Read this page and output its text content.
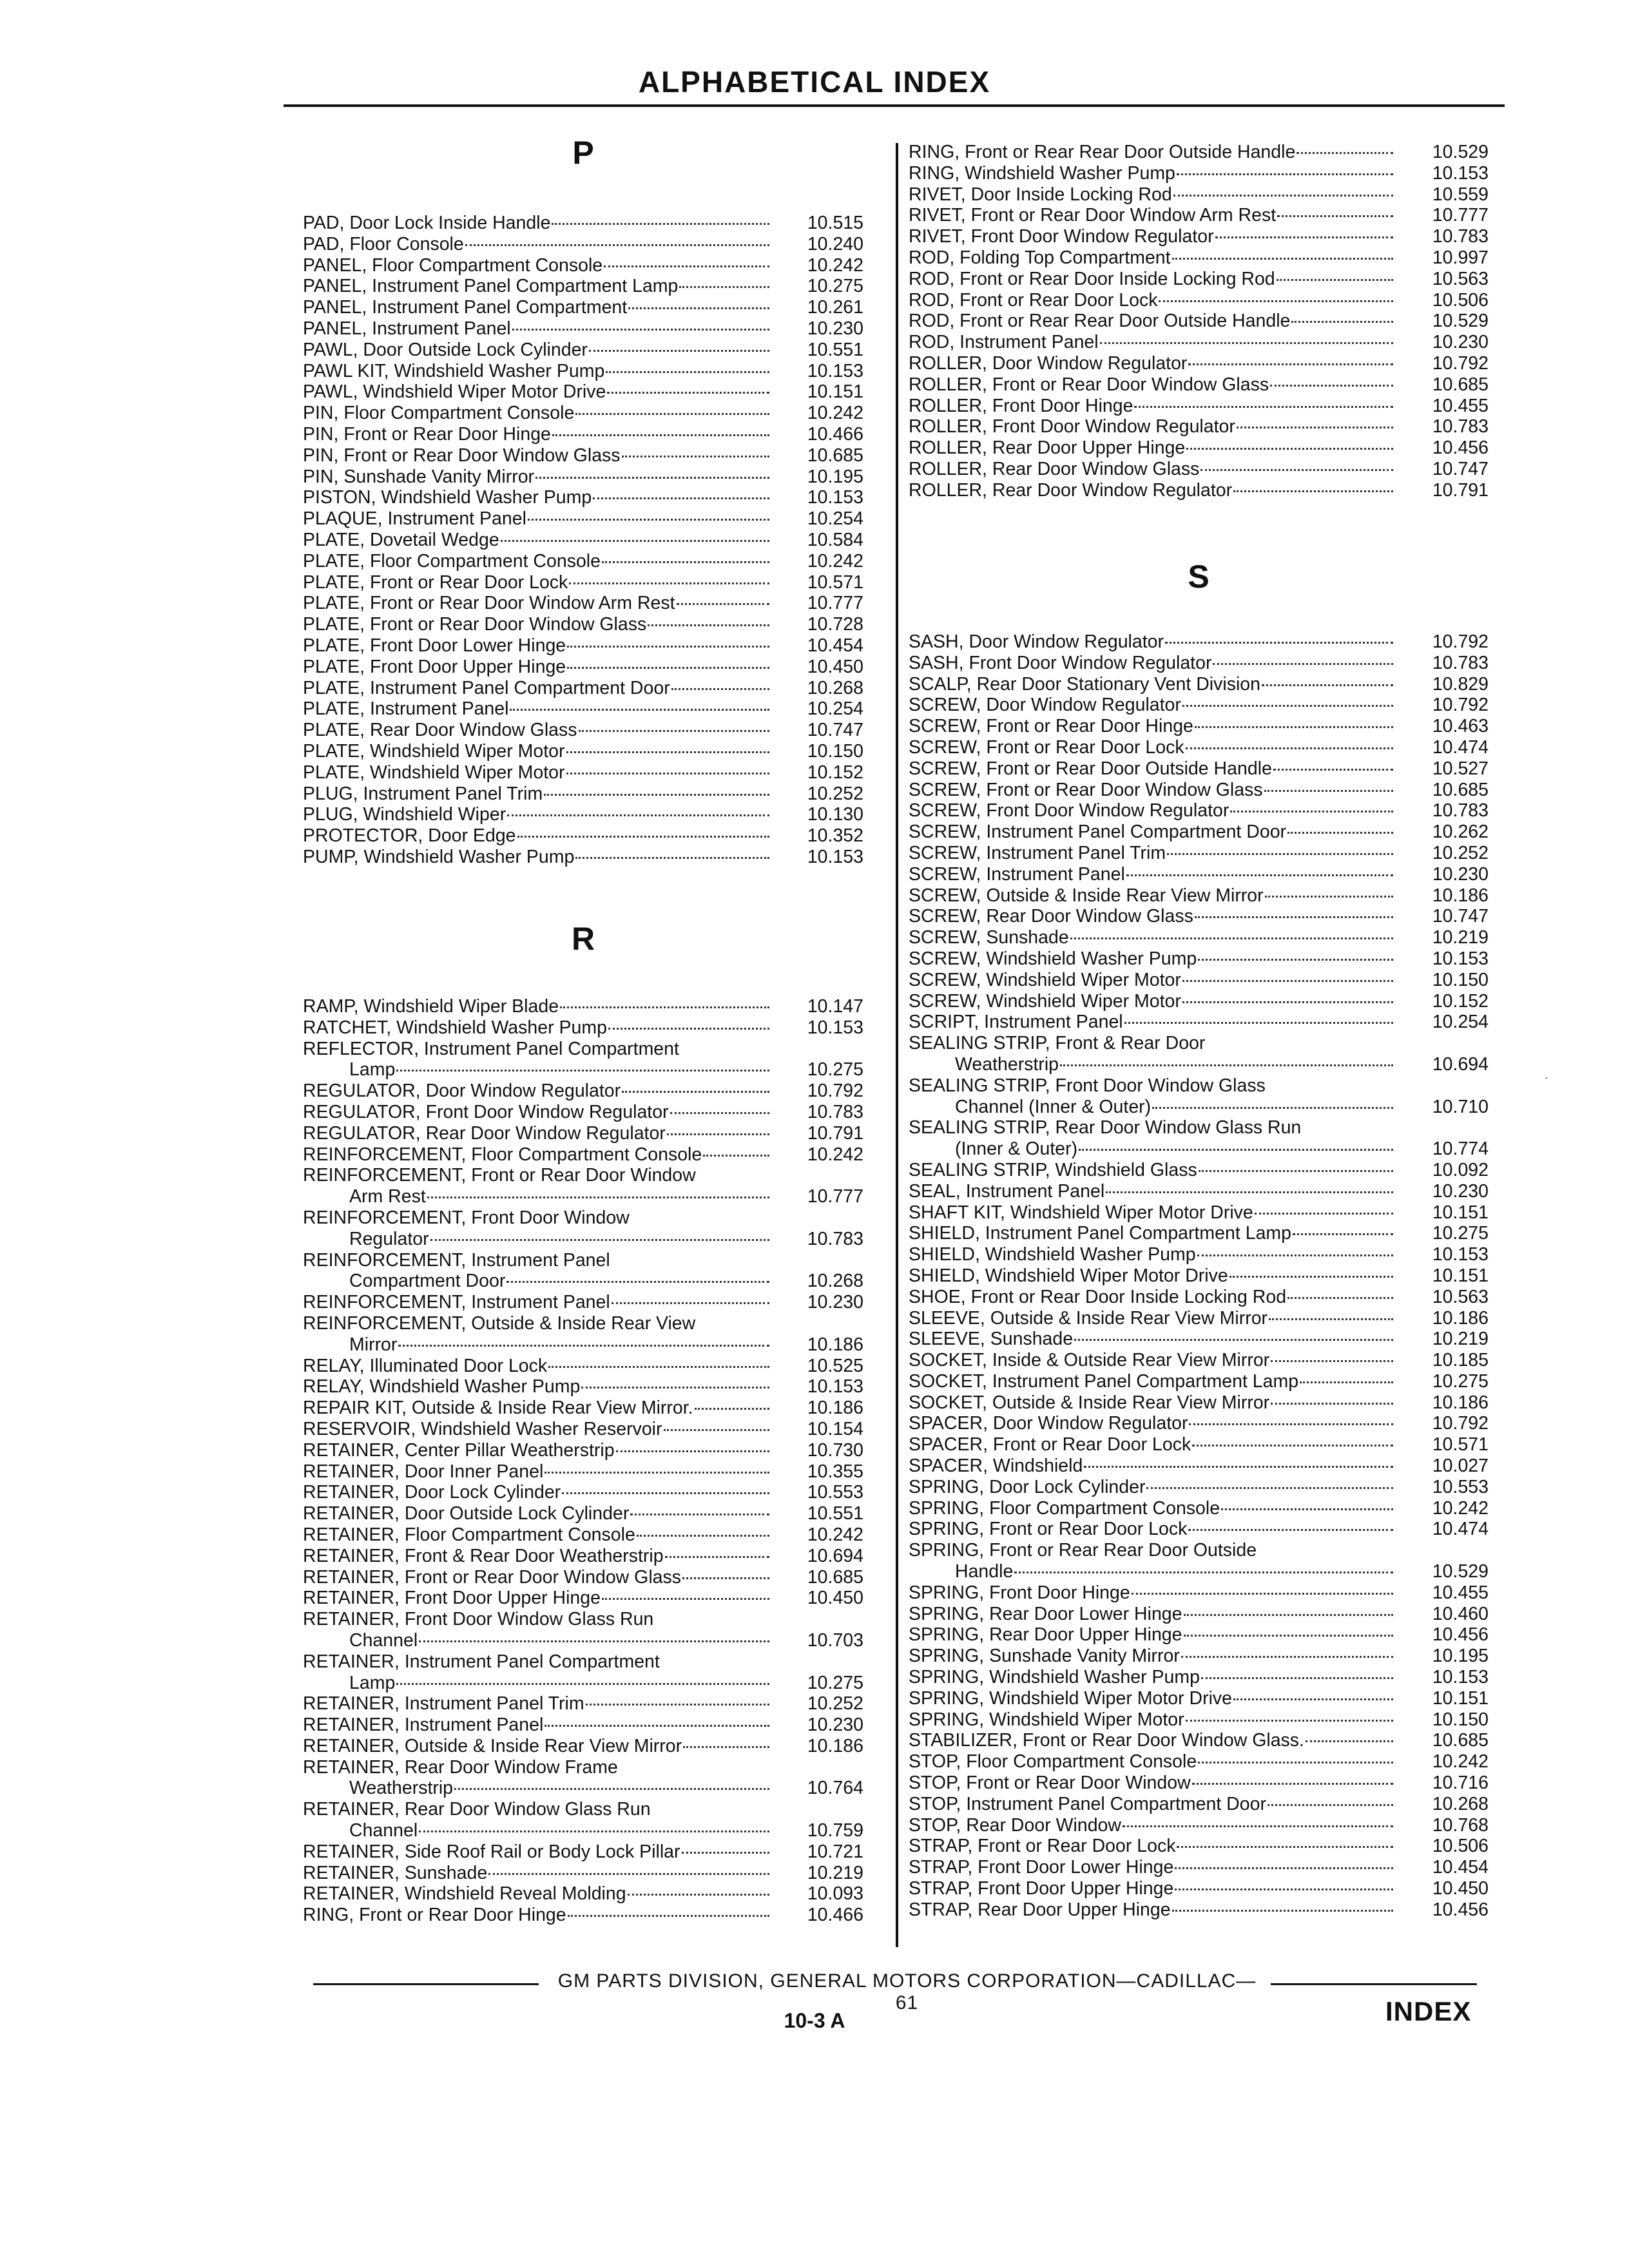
ALPHABETICAL INDEX
P
PAD, Door Lock Inside Handle	10.515
PAD, Floor Console	10.240
PANEL, Floor Compartment Console	10.242
PANEL, Instrument Panel Compartment Lamp	10.275
PANEL, Instrument Panel Compartment	10.261
PANEL, Instrument Panel	10.230
PAWL, Door Outside Lock Cylinder	10.551
PAWL KIT, Windshield Washer Pump	10.153
PAWL, Windshield Wiper Motor Drive	10.151
PIN, Floor Compartment Console	10.242
PIN, Front or Rear Door Hinge	10.466
PIN, Front or Rear Door Window Glass	10.685
PIN, Sunshade Vanity Mirror	10.195
PISTON, Windshield Washer Pump	10.153
PLAQUE, Instrument Panel	10.254
PLATE, Dovetail Wedge	10.584
PLATE, Floor Compartment Console	10.242
PLATE, Front or Rear Door Lock	10.571
PLATE, Front or Rear Door Window Arm Rest	10.777
PLATE, Front or Rear Door Window Glass	10.728
PLATE, Front Door Lower Hinge	10.454
PLATE, Front Door Upper Hinge	10.450
PLATE, Instrument Panel Compartment Door	10.268
PLATE, Instrument Panel	10.254
PLATE, Rear Door Window Glass	10.747
PLATE, Windshield Wiper Motor	10.150
PLATE, Windshield Wiper Motor	10.152
PLUG, Instrument Panel Trim	10.252
PLUG, Windshield Wiper	10.130
PROTECTOR, Door Edge	10.352
PUMP, Windshield Washer Pump	10.153
R
RAMP, Windshield Wiper Blade	10.147
RATCHET, Windshield Washer Pump	10.153
REFLECTOR, Instrument Panel Compartment
Lamp	10.275
REGULATOR, Door Window Regulator	10.792
REGULATOR, Front Door Window Regulator	10.783
REGULATOR, Rear Door Window Regulator	10.791
REINFORCEMENT, Floor Compartment Console	10.242
REINFORCEMENT, Front or Rear Door Window
Arm Rest	10.777
REINFORCEMENT, Front Door Window
Regulator	10.783
REINFORCEMENT, Instrument Panel
Compartment Door	10.268
REINFORCEMENT, Instrument Panel	10.230
REINFORCEMENT, Outside & Inside Rear View
Mirror	10.186
RELAY, Illuminated Door Lock	10.525
RELAY, Windshield Washer Pump	10.153
REPAIR KIT, Outside & Inside Rear View Mirror.	10.186
RESERVOIR, Windshield Washer Reservoir	10.154
RETAINER, Center Pillar Weatherstrip	10.730
RETAINER, Door Inner Panel	10.355
RETAINER, Door Lock Cylinder	10.553
RETAINER, Door Outside Lock Cylinder	10.551
RETAINER, Floor Compartment Console	10.242
RETAINER, Front & Rear Door Weatherstrip	10.694
RETAINER, Front or Rear Door Window Glass	10.685
RETAINER, Front Door Upper Hinge	10.450
RETAINER, Front Door Window Glass Run
Channel	10.703
RETAINER, Instrument Panel Compartment
Lamp	10.275
RETAINER, Instrument Panel Trim	10.252
RETAINER, Instrument Panel	10.230
RETAINER, Outside & Inside Rear View Mirror	10.186
RETAINER, Rear Door Window Frame
Weatherstrip	10.764
RETAINER, Rear Door Window Glass Run
Channel	10.759
RETAINER, Side Roof Rail or Body Lock Pillar	10.721
RETAINER, Sunshade	10.219
RETAINER, Windshield Reveal Molding	10.093
RING, Front or Rear Door Hinge	10.466
RING, Front or Rear Rear Door Outside Handle	10.529
RING, Windshield Washer Pump	10.153
RIVET, Door Inside Locking Rod	10.559
RIVET, Front or Rear Door Window Arm Rest	10.777
RIVET, Front Door Window Regulator	10.783
ROD, Folding Top Compartment	10.997
ROD, Front or Rear Door Inside Locking Rod	10.563
ROD, Front or Rear Door Lock	10.506
ROD, Front or Rear Rear Door Outside Handle	10.529
ROD, Instrument Panel	10.230
ROLLER, Door Window Regulator	10.792
ROLLER, Front or Rear Door Window Glass	10.685
ROLLER, Front Door Hinge	10.455
ROLLER, Front Door Window Regulator	10.783
ROLLER, Rear Door Upper Hinge	10.456
ROLLER, Rear Door Window Glass	10.747
ROLLER, Rear Door Window Regulator	10.791
S
SASH, Door Window Regulator	10.792
SASH, Front Door Window Regulator	10.783
SCALP, Rear Door Stationary Vent Division	10.829
SCREW, Door Window Regulator	10.792
SCREW, Front or Rear Door Hinge	10.463
SCREW, Front or Rear Door Lock	10.474
SCREW, Front or Rear Door Outside Handle	10.527
SCREW, Front or Rear Door Window Glass	10.685
SCREW, Front Door Window Regulator	10.783
SCREW, Instrument Panel Compartment Door	10.262
SCREW, Instrument Panel Trim	10.252
SCREW, Instrument Panel	10.230
SCREW, Outside & Inside Rear View Mirror	10.186
SCREW, Rear Door Window Glass	10.747
SCREW, Sunshade	10.219
SCREW, Windshield Washer Pump	10.153
SCREW, Windshield Wiper Motor	10.150
SCREW, Windshield Wiper Motor	10.152
SCRIPT, Instrument Panel	10.254
SEALING STRIP, Front & Rear Door
Weatherstrip	10.694
SEALING STRIP, Front Door Window Glass
Channel (Inner & Outer)	10.710
SEALING STRIP, Rear Door Window Glass Run
(Inner & Outer)	10.774
SEALING STRIP, Windshield Glass	10.092
SEAL, Instrument Panel	10.230
SHAFT KIT, Windshield Wiper Motor Drive	10.151
SHIELD, Instrument Panel Compartment Lamp	10.275
SHIELD, Windshield Washer Pump	10.153
SHIELD, Windshield Wiper Motor Drive	10.151
SHOE, Front or Rear Door Inside Locking Rod	10.563
SLEEVE, Outside & Inside Rear View Mirror	10.186
SLEEVE, Sunshade	10.219
SOCKET, Inside & Outside Rear View Mirror	10.185
SOCKET, Instrument Panel Compartment Lamp	10.275
SOCKET, Outside & Inside Rear View Mirror	10.186
SPACER, Door Window Regulator	10.792
SPACER, Front or Rear Door Lock	10.571
SPACER, Windshield	10.027
SPRING, Door Lock Cylinder	10.553
SPRING, Floor Compartment Console	10.242
SPRING, Front or Rear Door Lock	10.474
SPRING, Front or Rear Rear Door Outside
Handle	10.529
SPRING, Front Door Hinge	10.455
SPRING, Rear Door Lower Hinge	10.460
SPRING, Rear Door Upper Hinge	10.456
SPRING, Sunshade Vanity Mirror	10.195
SPRING, Windshield Washer Pump	10.153
SPRING, Windshield Wiper Motor Drive	10.151
SPRING, Windshield Wiper Motor	10.150
STABILIZER, Front or Rear Door Window Glass.	10.685
STOP, Floor Compartment Console	10.242
STOP, Front or Rear Door Window	10.716
STOP, Instrument Panel Compartment Door	10.268
STOP, Rear Door Window	10.768
STRAP, Front or Rear Door Lock	10.506
STRAP, Front Door Lower Hinge	10.454
STRAP, Front Door Upper Hinge	10.450
STRAP, Rear Door Upper Hinge	10.456
GM PARTS DIVISION, GENERAL MOTORS CORPORATION—CADILLAC—61
10-3 A	INDEX
